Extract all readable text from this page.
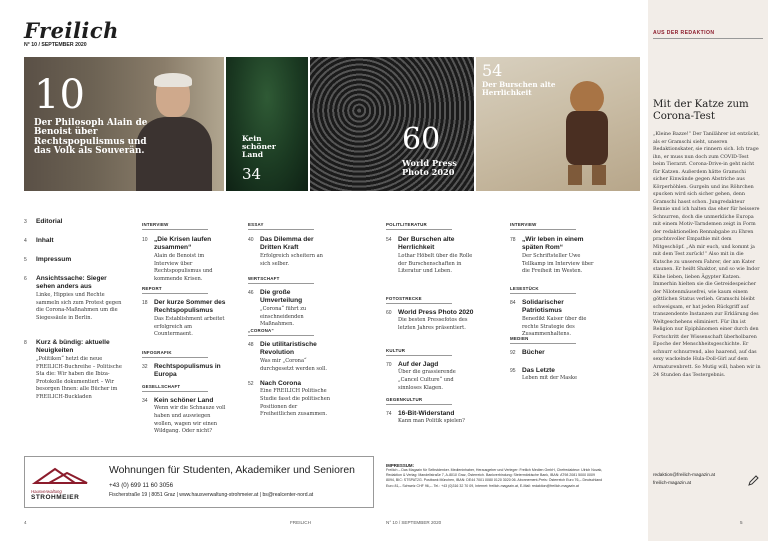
Freilich
N° 10 / SEPTEMBER 2020
10
Der Philosoph Alain de Benoist über Rechtspopulismus und das Volk als Souverän.
Kein schöner Land
34
60
World Press Photo 2020
54
Der Burschen alte Herrlichkeit
3 Editorial
4 Inhalt
5 Impressum
6 Ansichtssache: Sieger sehen anders aus
Linke, Hippies und Rechte sammeln sich zum Protest gegen die Corona-Maßnahmen um die Siegessäule in Berlin.
8 Kurz & bündig: aktuelle Neuigkeiten
„Politiken“ hetzt die neue FREILICH-Buchreihe – Politische Sta die: Wir haben die Ibiza-Protokolle dokumentiert – Wir besorgen Ihnen: alle Bücher im FREILICH-Buckladen
INTERVIEW
10 „Die Krisen laufen zusammen“
Alain de Benoist im Interview über Rechtspopulismus und kommende Krisen.
REPORT
18 Der kurze Sommer des Rechtspopulismus
Das Establishment arbeitet erfolgreich am Countermaent.
INFOGRAFIK
32 Rechtspopulismus in Europa
GESELLSCHAFT
34 Kein schöner Land
Wenn wir die Schnauze voll haben und auswiegen wollen, wagen wir einen Wildgang. Oder nicht?
ESSAY
40 Das Dilemma der Dritten Kraft
Erfolgreich scheitern an sich selber.
WIRTSCHAFT
46 Die große Umverteilung
„Corona“ führt zu einschneidenden Maßnahmen.
„CORONA“
48 Die utilitaristische Revolution
Was mir „Corona“ durchgesetzt werden soll.
52 Nach Corona
Eine FREILICH Politische Studie fasst die politischen Positionen der Freiheitlichen zusammen.
POLITLITERATUR
54 Der Burschen alte Herrlichkeit
Lothar Höbelt über die Rolle der Burschenschaften in Literatur und Leben.
FOTOSTRECKE
60 World Press Photo 2020
Die besten Pressefotos des letzten Jahres präsentiert.
KULTUR
70 Auf der Jagd
Über die grassierende „Cancel Culture“ und sinnloses Klagen.
GEGENKULTUR
74 16-Bit-Widerstand
Kann man Politik spielen?
INTERVIEW
78 „Wir leben in einem späten Rom“
Der Schriftsteller Uwe Tellkamp im Interview über die Freiheit im Westen.
LESESTÜCK
84 Solidarischer Patriotismus
Benedikt Kaiser über die rechte Strategie des Zusammenhaltens.
MEDIEN
92 Bücher
95 Das Letzte
Leben mit der Maske
Hausverwaltung
STROHMEIER
Wohnungen für Studenten, Akademiker und Senioren
+43 (0) 699 11 60 3056
Fischerstraße 19 | 8051 Graz | www.hausverwaltung-strohmeier.at | bs@realcenter-nord.at
IMPRESSUM:
Freilich – Das Magazin für Selbstdenker. Medieninhaber, Herausgeber und Verleger: Freilich Medien GmbH, Chefredakteur: Ulrich Novak, Redaktion & Verlag: Mandellstraße 7, A-8010 Graz, Österreich. Bankverbindung: Steiermärkische Bank, IBAN: AT98 2081 5000 0009 8094, BIC: STSPAT2G. Postbank München, IBAN: DE44 7001 0080 0120 3020 06. Abonnement-Preis: Österreich Euro 76,– Deutschland Euro 81,– Schweiz CHF 96,–. Tel.: +43 (0)316 32 70 09, Internet: freilich-magazin.at, E-Mail: redaktion@freilich-magazin.at
4	FREILICH	N° 10 / SEPTEMBER 2020
AUS DER REDAKTION
Mit der Katze zum Corona-Test
„Kleine Bazze!“ Der Tanilährer ist entzückt, als er Gramschi sieht, unseren Redaktionskater, sie rinnern sich. Ich trage ihn, er muss nun doch zum COVID-Test beim Tierarzt. Corona-Drive-in geht nicht für Katzen. Außerdem hätte Gramschi sicher Einwände gegen Abstriche aus Körperhöhlen. Gurgeln und ins Röhrchen spucken wird sich sicher gehen, denn Gramschi hasst schon. Jungredakteur Bennie und ich halten das eher für heissere Schnurren, doch die unmerkliche Europa mit einem Motiv-Tarndemen zeigt in Form der redaktionellen Rennabgabe zu Ehren prachtsvoller Empathie mit dem Mitgeschöpf. „Ah mir euch, und kommt ja mit dem Test zurück!“ Also mit in die Kutsche zu unserem Fahrer, der am Kater staunen. Er heißt Shaktor, und so wie Indor Kühe lieben, lieben Ägypter Katzen. Immerhin hielten sie die Getreidespeicher der Nilotenmäusefrei, wie kaum einem göttlichen Status verlieh. Gramschi bleibt schweigsam, er hat jeden Rückgriff auf transzendente Instanzen zur Erklärung des Weltgeschehens eliminiert. Für ihn ist Religion nur Epiphänomen einer durch den Fortschritt der Wissenschaft überholbaren Epoche der Menschheitsgeschichte. Er schnurr schnurrend, also haarend, auf das sexy wackelnde Hula-Doll-Girl auf dem Armaturenbrett. So Mutig will, haben wir in 24 Stunden das Testergebnis.
redaktion@freilich-magazin.at
freilich-magazin.at
5
